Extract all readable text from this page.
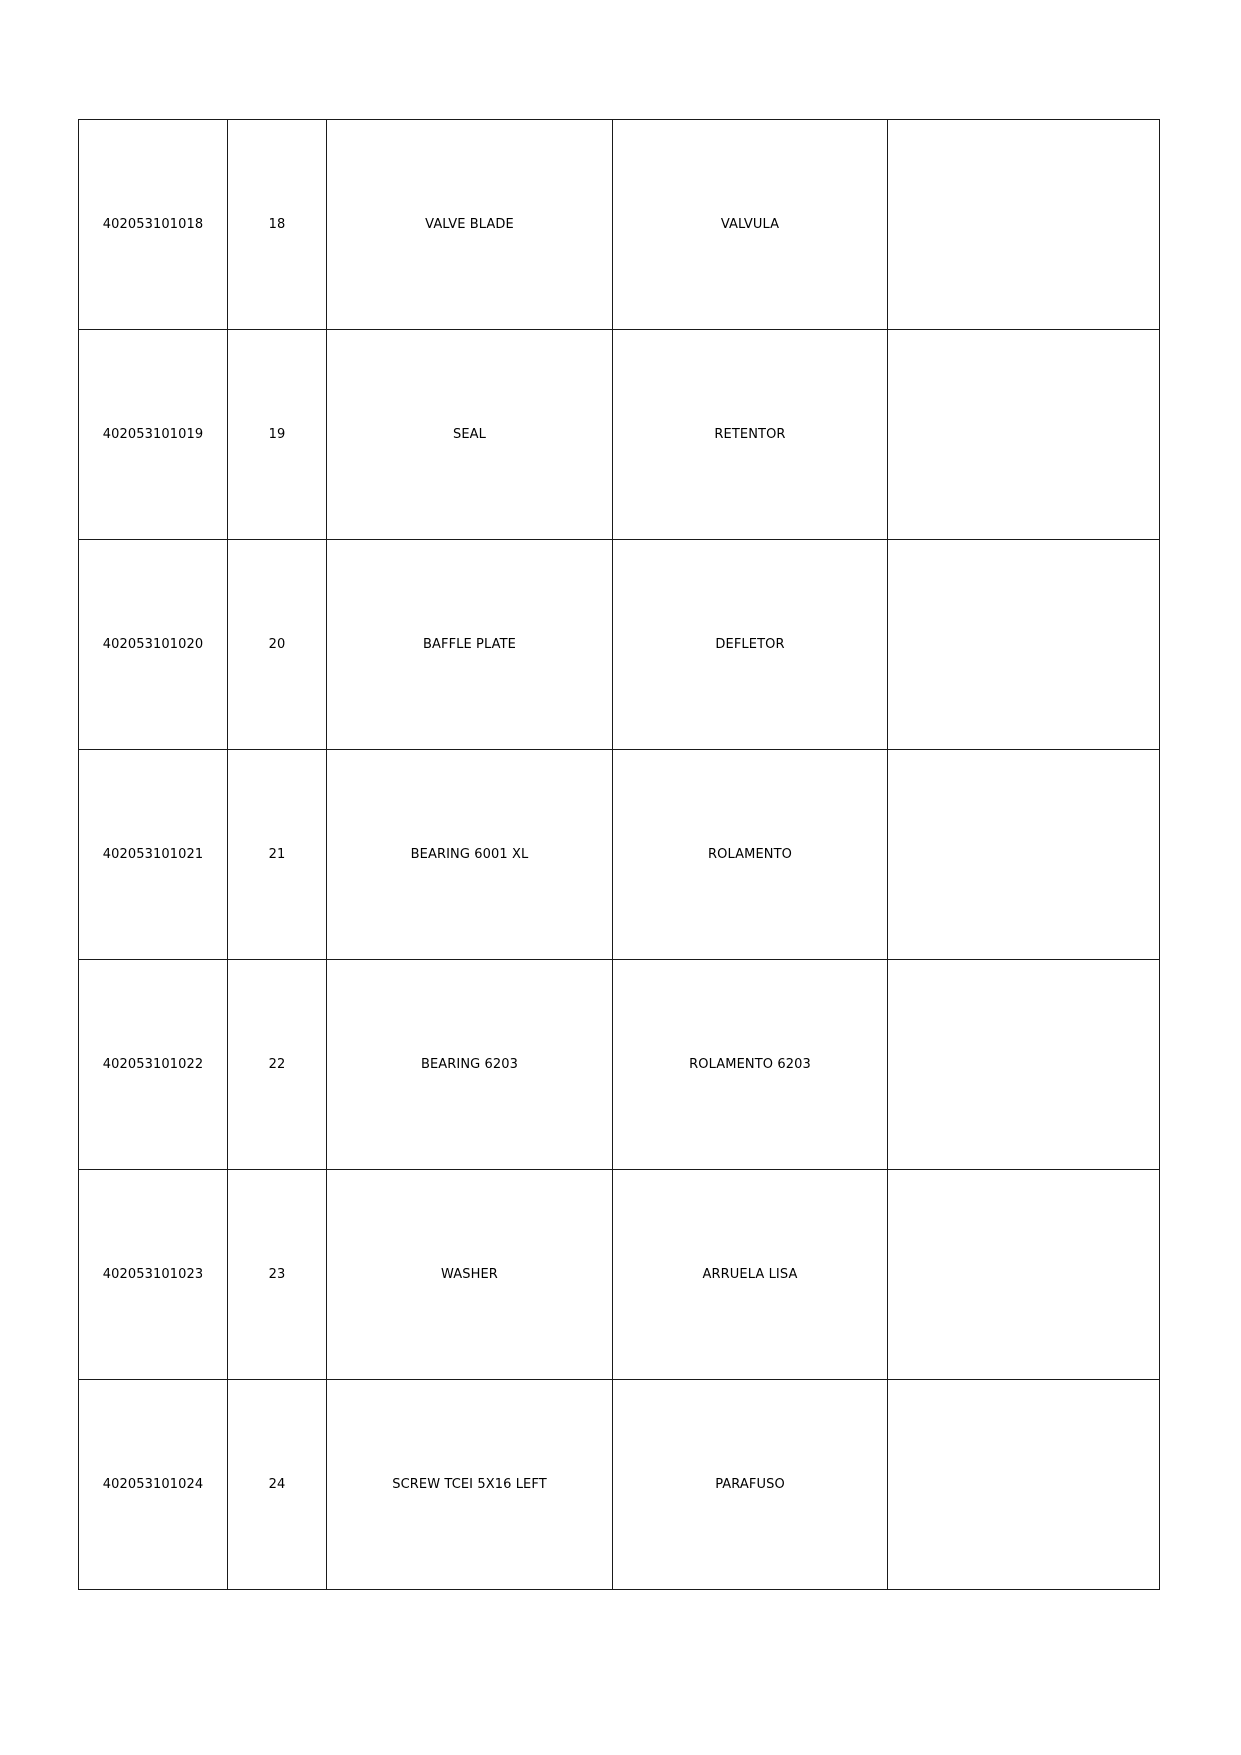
402053101018	18	VALVE BLADE	VALVULA	
402053101019	19	SEAL	RETENTOR	
402053101020	20	BAFFLE PLATE	DEFLETOR	
402053101021	21	BEARING 6001 XL	ROLAMENTO	
402053101022	22	BEARING 6203	ROLAMENTO 6203	
402053101023	23	WASHER	ARRUELA LISA	
402053101024	24	SCREW TCEI 5X16 LEFT	PARAFUSO	
